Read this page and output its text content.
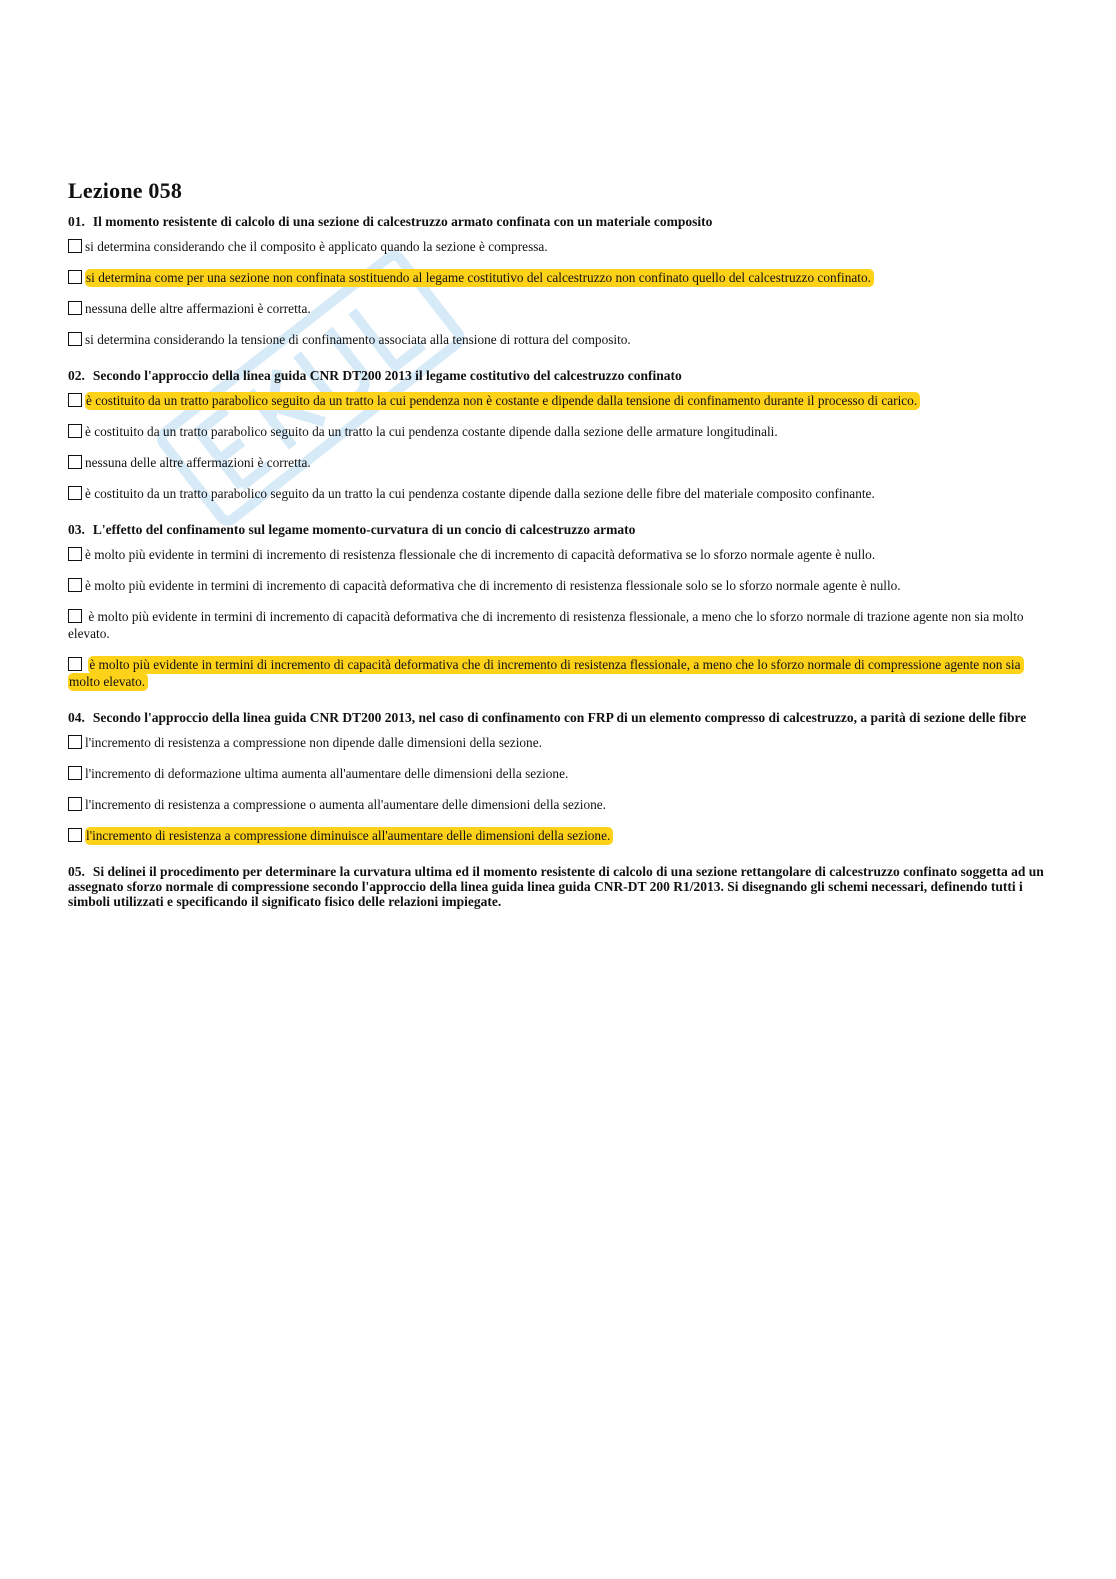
Lezione 058

01. Il momento resistente di calcolo di una sezione di calcestruzzo armato confinata con un materiale composito

si determina considerando che il composito è applicato quando la sezione è compressa.
si determina come per una sezione non confinata sostituendo al legame costitutivo del calcestruzzo non confinato quello del calcestruzzo confinato.
nessuna delle altre affermazioni è corretta.
si determina considerando la tensione di confinamento associata alla tensione di rottura del composito.

02. Secondo l'approccio della linea guida CNR DT200 2013 il legame costitutivo del calcestruzzo confinato

è costituito da un tratto parabolico seguito da un tratto la cui pendenza non è costante e dipende dalla tensione di confinamento durante il processo di carico.
è costituito da un tratto parabolico seguito da un tratto la cui pendenza costante dipende dalla sezione delle armature longitudinali.
nessuna delle altre affermazioni è corretta.
è costituito da un tratto parabolico seguito da un tratto la cui pendenza costante dipende dalla sezione delle fibre del materiale composito confinante.

03. L'effetto del confinamento sul legame momento-curvatura di un concio di calcestruzzo armato

è molto più evidente in termini di incremento di resistenza flessionale che di incremento di capacità deformativa se lo sforzo normale agente è nullo.
è molto più evidente in termini di incremento di capacità deformativa che di incremento di resistenza flessionale solo se lo sforzo normale agente è nullo.
è molto più evidente in termini di incremento di capacità deformativa che di incremento di resistenza flessionale, a meno che lo sforzo normale di trazione agente non sia molto elevato.
è molto più evidente in termini di incremento di capacità deformativa che di incremento di resistenza flessionale, a meno che lo sforzo normale di compressione agente non sia molto elevato.

04. Secondo l'approccio della linea guida CNR DT200 2013, nel caso di confinamento con FRP di un elemento compresso di calcestruzzo, a parità di sezione delle fibre

l'incremento di resistenza a compressione non dipende dalle dimensioni della sezione.
l'incremento di deformazione ultima aumenta all'aumentare delle dimensioni della sezione.
l'incremento di resistenza a compressione o aumenta all'aumentare delle dimensioni della sezione.
l'incremento di resistenza a compressione diminuisce all'aumentare delle dimensioni della sezione.

05. Si delinei il procedimento per determinare la curvatura ultima ed il momento resistente di calcolo di una sezione rettangolare di calcestruzzo confinato soggetta ad un assegnato sforzo normale di compressione secondo l'approccio della linea guida linea guida CNR-DT 200 R1/2013. Si disegnando gli schemi necessari, definendo tutti i simboli utilizzati e specificando il significato fisico delle relazioni impiegate.
